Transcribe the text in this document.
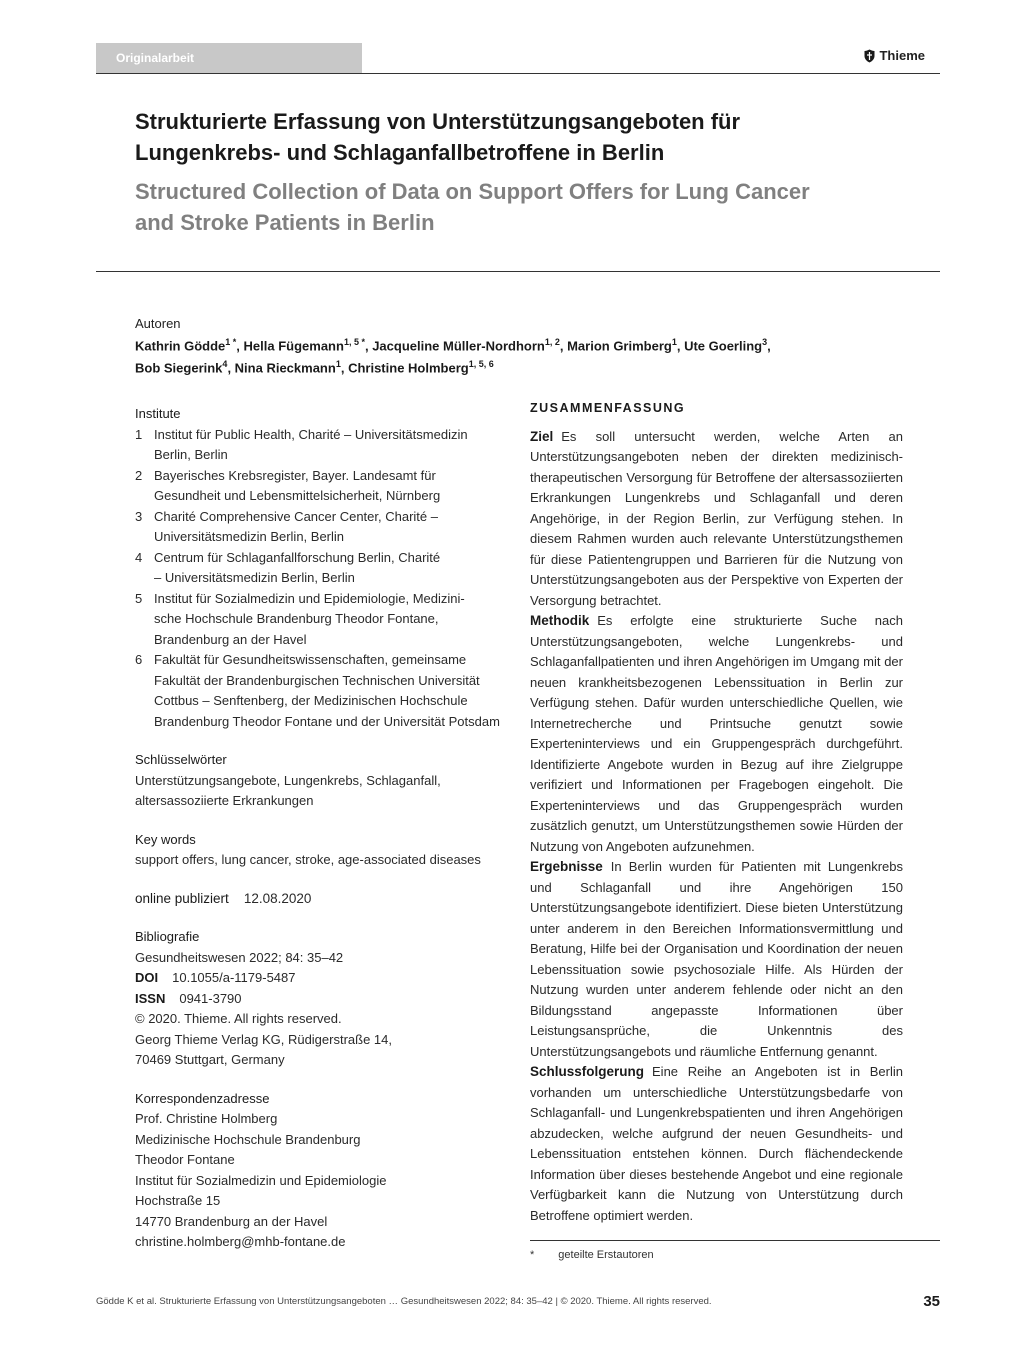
Originalarbeit	Thieme
Strukturierte Erfassung von Unterstützungsangeboten für
Lungenkrebs- und Schlaganfallbetroffene in Berlin
Structured Collection of Data on Support Offers for Lung Cancer
and Stroke Patients in Berlin
Autoren
Kathrin Gödde$^{1 *}$, Hella Fügemann$^{1, 5 *}$, Jacqueline Müller-Nordhorn$^{1, 2}$, Marion Grimberg$^1$, Ute Goerling$^3$,
Bob Siegerink$^4$, Nina Rieckmann$^1$, Christine Holmberg$^{1, 5, 6}$
Institute
1 Institut für Public Health, Charité – Universitätsmedizin
Berlin, Berlin
2 Bayerisches Krebsregister, Bayer. Landesamt für
Gesundheit und Lebensmittelsicherheit, Nürnberg
3 Charité Comprehensive Cancer Center, Charité –
Universitätsmedizin Berlin, Berlin
4 Centrum für Schlaganfallforschung Berlin, Charité
– Universitätsmedizin Berlin, Berlin
5 Institut für Sozialmedizin und Epidemiologie, Medizini-
sche Hochschule Brandenburg Theodor Fontane,
Brandenburg an der Havel
6 Fakultät für Gesundheitswissenschaften, gemeinsame
Fakultät der Brandenburgischen Technischen Universität
Cottbus – Senftenberg, der Medizinischen Hochschule
Brandenburg Theodor Fontane und der Universität Potsdam
Schlüsselwörter
Unterstützungsangebote, Lungenkrebs, Schlaganfall,
altersassoziierte Erkrankungen
Key words
support offers, lung cancer, stroke, age-associated diseases
online publiziert 12.08.2020
Bibliografie
Gesundheitswesen 2022; 84: 35–42
DOI 10.1055/a-1179-5487
ISSN 0941-3790
© 2020. Thieme. All rights reserved.
Georg Thieme Verlag KG, Rüdigerstraße 14,
70469 Stuttgart, Germany
Korrespondenzadresse
Prof. Christine Holmberg
Medizinische Hochschule Brandenburg
Theodor Fontane
Institut für Sozialmedizin und Epidemiologie
Hochstraße 15
14770 Brandenburg an der Havel
christine.holmberg@mhb-fontane.de
ZUSAMMENFASSUNG

Ziel Es soll untersucht werden, welche Arten an Unterstützungsangeboten neben der direkten medizinisch-therapeutischen Versorgung für Betroffene der altersassoziierten Erkrankungen Lungenkrebs und Schlaganfall und deren Angehörige, in der Region Berlin, zur Verfügung stehen. In diesem Rahmen wurden auch relevante Unterstützungsthemen für diese Patientengruppen und Barrieren für die Nutzung von Unterstützungsangeboten aus der Perspektive von Experten der Versorgung betrachtet.

Methodik Es erfolgte eine strukturierte Suche nach Unterstützungsangeboten, welche Lungenkrebs- und Schlaganfallpatienten und ihren Angehörigen im Umgang mit der neuen krankheitsbezogenen Lebenssituation in Berlin zur Verfügung stehen. Dafür wurden unterschiedliche Quellen, wie Internetrecherche und Printsuche genutzt sowie Experteninterviews und ein Gruppengespräch durchgeführt. Identifizierte Angebote wurden in Bezug auf ihre Zielgruppe verifiziert und Informationen per Fragebogen eingeholt. Die Experteninterviews und das Gruppengespräch wurden zusätzlich genutzt, um Unterstützungsthemen sowie Hürden der Nutzung von Angeboten aufzunehmen.

Ergebnisse In Berlin wurden für Patienten mit Lungenkrebs und Schlaganfall und ihre Angehörigen 150 Unterstützungsangebote identifiziert. Diese bieten Unterstützung unter anderem in den Bereichen Informationsvermittlung und Beratung, Hilfe bei der Organisation und Koordination der neuen Lebenssituation sowie psychosoziale Hilfe. Als Hürden der Nutzung wurden unter anderem fehlende oder nicht an den Bildungsstand angepasste Informationen über Leistungsansprüche, die Unkenntnis des Unterstützungsangebots und räumliche Entfernung genannt.

Schlussfolgerung Eine Reihe an Angeboten ist in Berlin vorhanden um unterschiedliche Unterstützungsbedarfe von Schlaganfall- und Lungenkrebspatienten und ihren Angehörigen abzudecken, welche aufgrund der neuen Gesundheits- und Lebenssituation entstehen können. Durch flächendeckende Information über dieses bestehende Angebot und eine regionale Verfügbarkeit kann die Nutzung von Unterstützung durch Betroffene optimiert werden.

* geteilte Erstautoren
Gödde K et al. Strukturierte Erfassung von Unterstützungsangeboten … Gesundheitswesen 2022; 84: 35–42 | © 2020. Thieme. All rights reserved.	35
